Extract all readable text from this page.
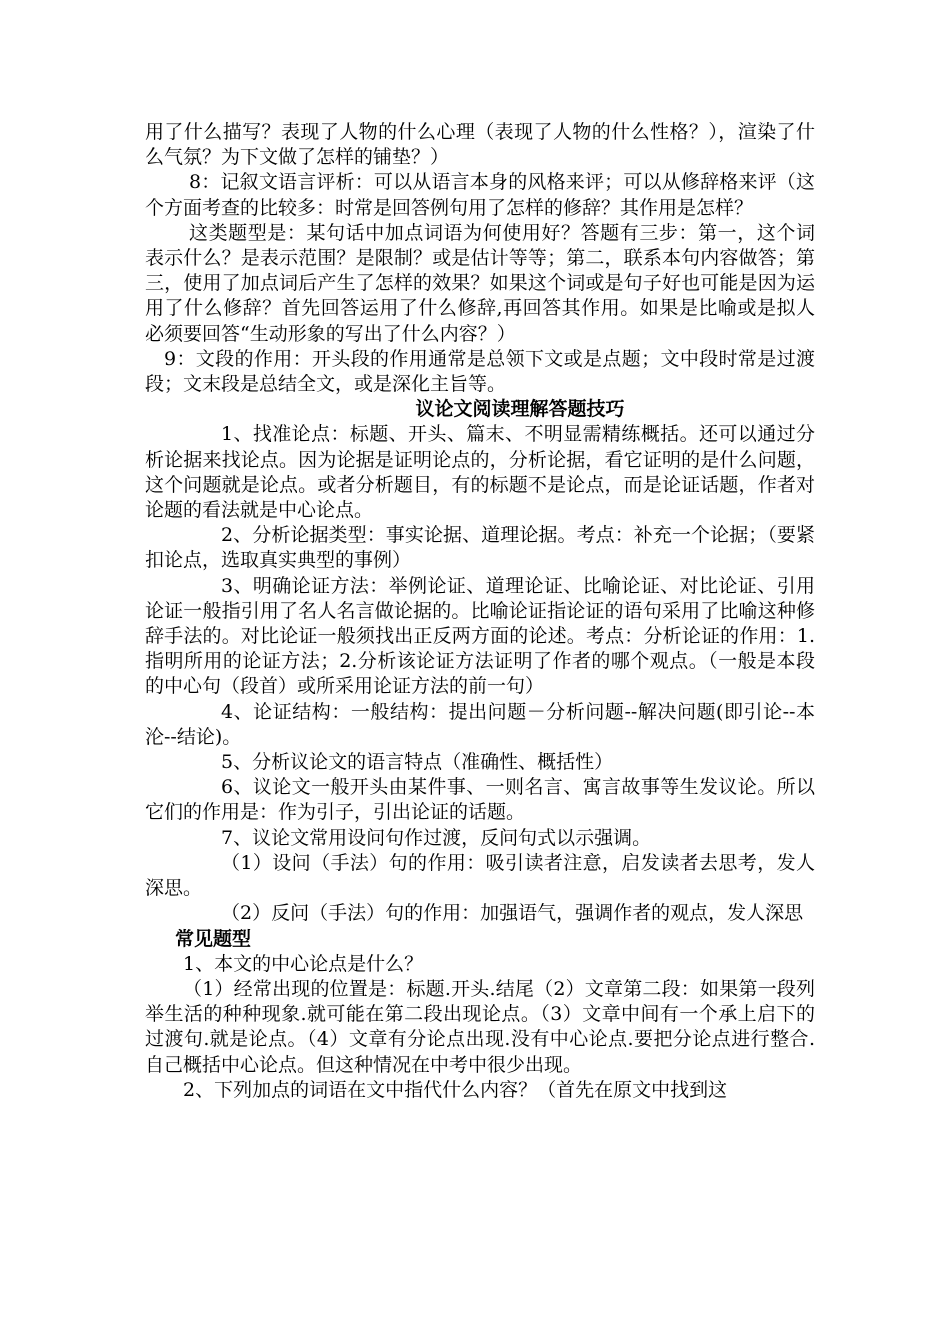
用了什么描写？表现了人物的什么心理（表现了人物的什么性格？），渲染了什么气氛？为下文做了怎样的铺垫？）

8：记叙文语言评析：可以从语言本身的风格来评；可以从修辞格来评（这个方面考查的比较多：时常是回答例句用了怎样的修辞？其作用是怎样？

这类题型是：某句话中加点词语为何使用好？答题有三步：第一，这个词表示什么？是表示范围？是限制？或是估计等等；第二，联系本句内容做答；第三，使用了加点词后产生了怎样的效果？如果这个词或是句子好也可能是因为运用了什么修辞？首先回答运用了什么修辞,再回答其作用。如果是比喻或是拟人必须要回答“生动形象的写出了什么内容？）

9：文段的作用：开头段的作用通常是总领下文或是点题；文中段时常是过渡段；文末段是总结全文，或是深化主旨等。

议论文阅读理解答题技巧

1、找准论点：标题、开头、篇末、不明显需精练概括。还可以通过分析论据来找论点。因为论据是证明论点的，分析论据，看它证明的是什么问题，这个问题就是论点。或者分析题目，有的标题不是论点，而是论证话题，作者对论题的看法就是中心论点。

2、分析论据类型：事实论据、道理论据。考点：补充一个论据；（要紧扣论点，选取真实典型的事例）

3、明确论证方法：举例论证、道理论证、比喻论证、对比论证、引用论证一般指引用了名人名言做论据的。比喻论证指论证的语句采用了比喻这种修辞手法的。对比论证一般须找出正反两方面的论述。考点：分析论证的作用：1.指明所用的论证方法；2.分析该论证方法证明了作者的哪个观点。（一般是本段的中心句（段首）或所采用论证方法的前一句）

4、论证结构：一般结构：提出问题－分析问题--解决问题(即引论--本沦--结论)。

5、分析议论文的语言特点（准确性、概括性）

6、议论文一般开头由某件事、一则名言、寓言故事等生发议论。所以它们的作用是：作为引子，引出论证的话题。

7、议论文常用设问句作过渡，反问句式以示强调。

（1）设问（手法）句的作用：吸引读者注意，启发读者去思考，发人深思。

（2）反问（手法）句的作用：加强语气，强调作者的观点，发人深思

常见题型

1、本文的中心论点是什么？

（1）经常出现的位置是：标题.开头.结尾（2）文章第二段：如果第一段列举生活的种种现象.就可能在第二段出现论点。（3）文章中间有一个承上启下的过渡句.就是论点。（4）文章有分论点出现.没有中心论点.要把分论点进行整合.自己概括中心论点。但这种情况在中考中很少出现。

2、下列加点的词语在文中指代什么内容？（首先在原文中找到这
